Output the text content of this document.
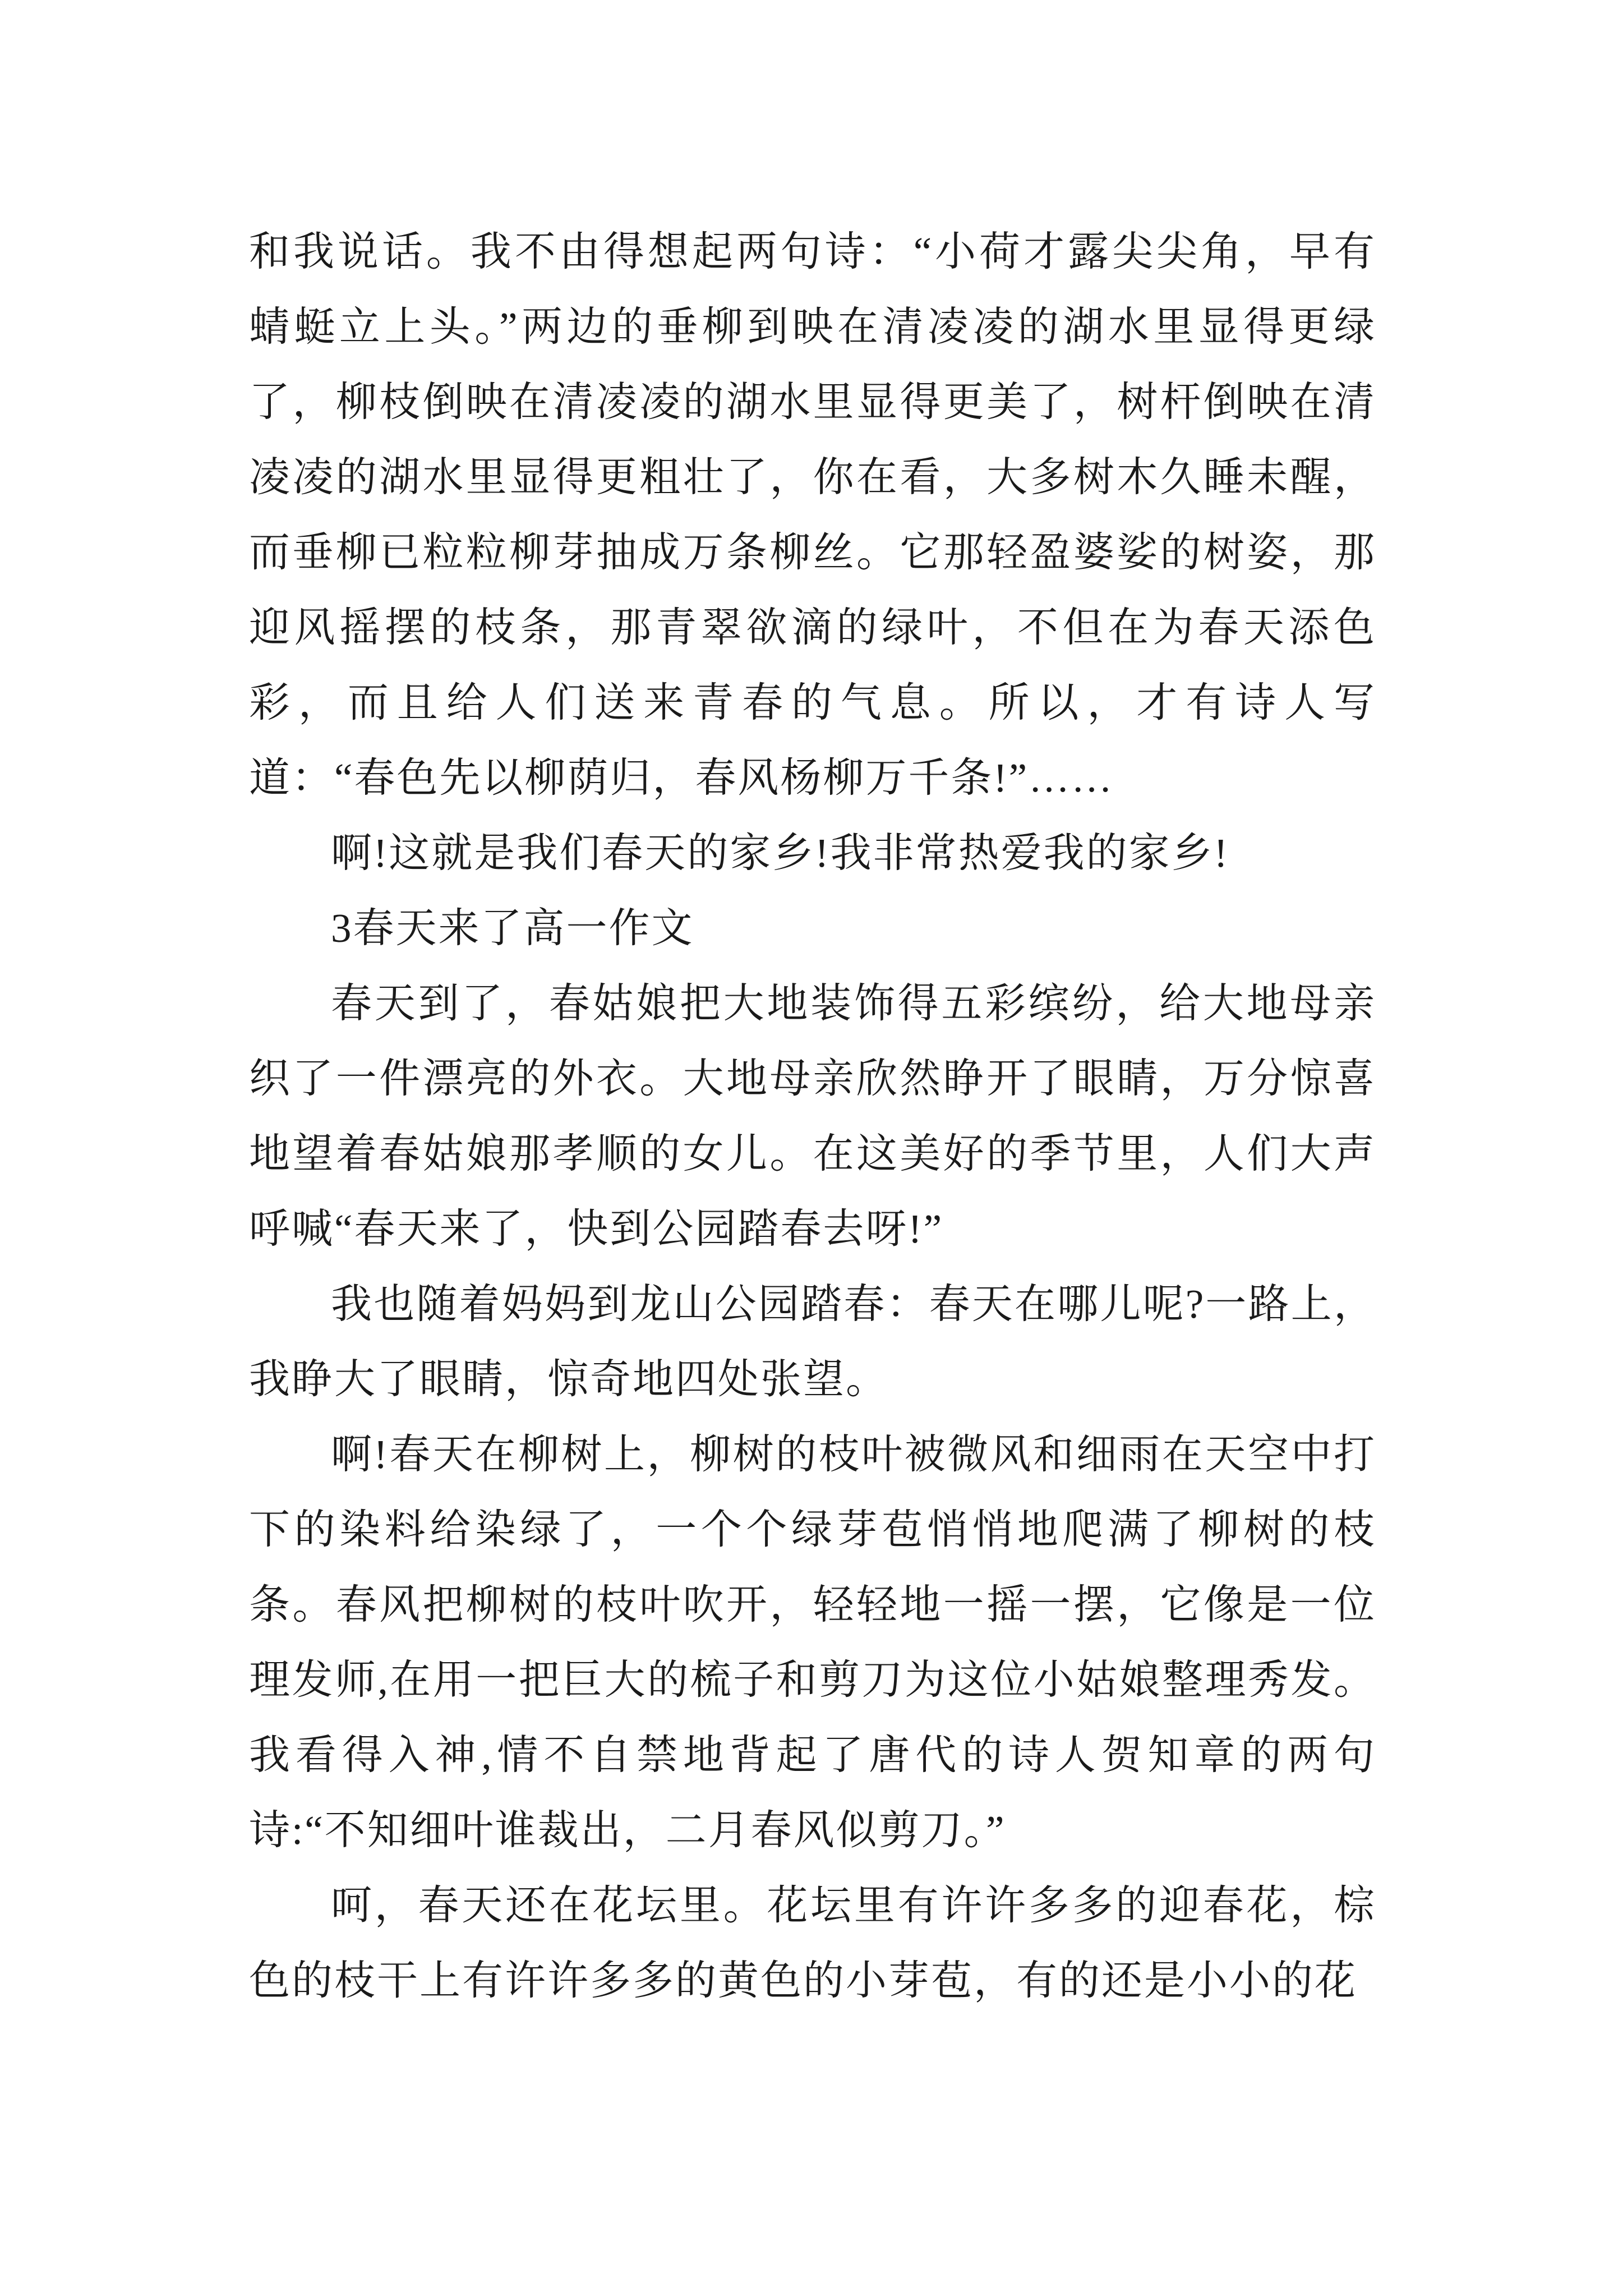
和我说话。我不由得想起两句诗：“小荷才露尖尖角，早有蜻蜓立上头。”两边的垂柳到映在清凌凌的湖水里显得更绿了，柳枝倒映在清凌凌的湖水里显得更美了，树杆倒映在清凌凌的湖水里显得更粗壮了，你在看，大多树木久睡未醒，而垂柳已粒粒柳芽抽成万条柳丝。它那轻盈婆娑的树姿，那迎风摇摆的枝条，那青翠欲滴的绿叶，不但在为春天添色彩，而且给人们送来青春的气息。所以，才有诗人写道：“春色先以柳荫归，春风杨柳万千条!”……

啊!这就是我们春天的家乡!我非常热爱我的家乡!

3春天来了高一作文

春天到了，春姑娘把大地装饰得五彩缤纷，给大地母亲织了一件漂亮的外衣。大地母亲欣然睁开了眼睛，万分惊喜地望着春姑娘那孝顺的女儿。在这美好的季节里，人们大声呼喊“春天来了，快到公园踏春去呀!”

我也随着妈妈到龙山公园踏春：春天在哪儿呢?一路上，我睁大了眼睛，惊奇地四处张望。

啊!春天在柳树上，柳树的枝叶被微风和细雨在天空中打下的染料给染绿了，一个个绿芽苞悄悄地爬满了柳树的枝条。春风把柳树的枝叶吹开，轻轻地一摇一摆，它像是一位理发师,在用一把巨大的梳子和剪刀为这位小姑娘整理秀发。我看得入神,情不自禁地背起了唐代的诗人贺知章的两句诗:“不知细叶谁裁出，二月春风似剪刀。”

呵，春天还在花坛里。花坛里有许许多多的迎春花，棕色的枝干上有许许多多的黄色的小芽苞，有的还是小小的花
